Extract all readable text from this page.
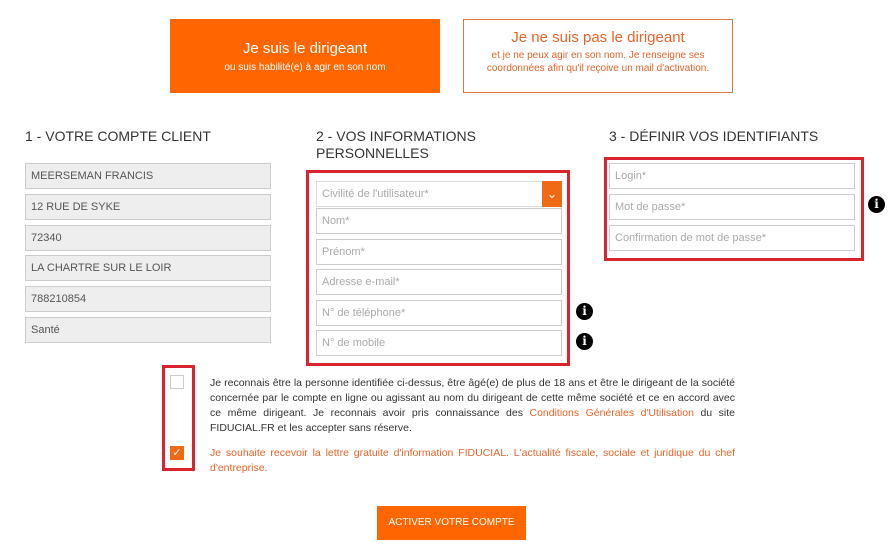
Je suis le dirigeant
ou suis habilité(e) à agir en son nom
Je ne suis pas le dirigeant
et je ne peux agir en son nom. Je renseigne ses coordonnées afin qu'il reçoive un mail d'activation.
1 - VOTRE COMPTE CLIENT	2 - VOS INFORMATIONS PERSONNELLES
3 - DÉFINIR VOS IDENTIFIANTS
MEERSEMAN FRANCIS
12 RUE DE SYKE
72340
LA CHARTRE SUR LE LOIR
788210854
Santé
Civilité de l'utilisateur*	⌄
Nom*
Prénom*
Adresse e-mail*
N° de téléphone*
N° de mobile
i
i
Login*
Mot de passe*
Confirmation de mot de passe*
i
✓
Je reconnais être la personne identifiée ci-dessus, être âgé(e) de plus de 18 ans et être le dirigeant de la société concernée par le compte en ligne ou agissant au nom du dirigeant de cette même société et ce en accord avec ce même dirigeant. Je reconnais avoir pris connaissance des Conditions Générales d'Utilisation du site FIDUCIAL.FR et les accepter sans réserve.
Je souhaite recevoir la lettre gratuite d'information FIDUCIAL. L'actualité fiscale, sociale et juridique du chef d'entreprise.
ACTIVER VOTRE COMPTE
